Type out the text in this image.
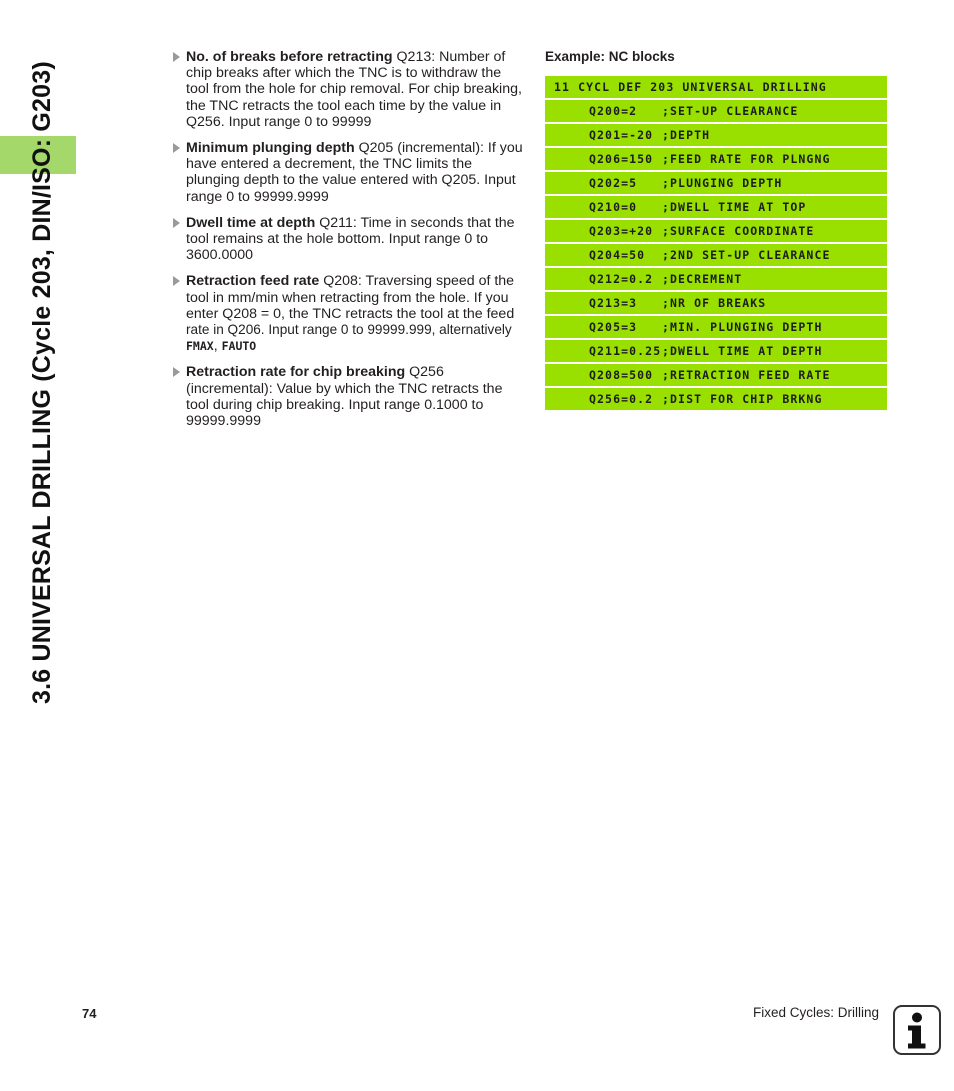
3.6 UNIVERSAL DRILLING (Cycle 203, DIN/ISO: G203)
No. of breaks before retracting Q213: Number of chip breaks after which the TNC is to withdraw the tool from the hole for chip removal. For chip breaking, the TNC retracts the tool each time by the value in Q256. Input range 0 to 99999
Minimum plunging depth Q205 (incremental): If you have entered a decrement, the TNC limits the plunging depth to the value entered with Q205. Input range 0 to 99999.9999
Dwell time at depth Q211: Time in seconds that the tool remains at the hole bottom. Input range 0 to 3600.0000
Retraction feed rate Q208: Traversing speed of the tool in mm/min when retracting from the hole. If you enter Q208 = 0, the TNC retracts the tool at the feed rate in Q206. Input range 0 to 99999.999, alternatively FMAX, FAUTO
Retraction rate for chip breaking Q256 (incremental): Value by which the TNC retracts the tool during chip breaking. Input range 0.1000 to 99999.9999
Example: NC blocks
11 CYCL DEF 203 UNIVERSAL DRILLING
Q200=2 ;SET-UP CLEARANCE
Q201=-20 ;DEPTH
Q206=150 ;FEED RATE FOR PLNGNG
Q202=5 ;PLUNGING DEPTH
Q210=0 ;DWELL TIME AT TOP
Q203=+20 ;SURFACE COORDINATE
Q204=50 ;2ND SET-UP CLEARANCE
Q212=0.2 ;DECREMENT
Q213=3 ;NR OF BREAKS
Q205=3 ;MIN. PLUNGING DEPTH
Q211=0.25;DWELL TIME AT DEPTH
Q208=500 ;RETRACTION FEED RATE
Q256=0.2 ;DIST FOR CHIP BRKNG
74	Fixed Cycles: Drilling
